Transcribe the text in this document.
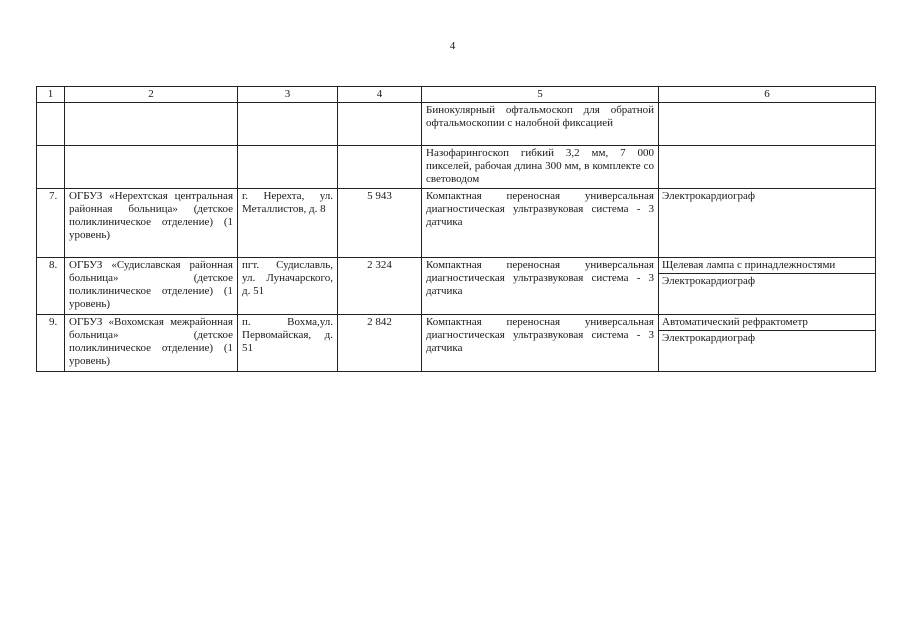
4
1	2	3	4	5	6
				Бинокулярный офтальмоскоп для обратной офтальмоскопии с налобной фиксацией	
				Назофарингоскоп гибкий 3,2 мм, 7 000 пикселей, рабочая длина 300 мм, в комплекте со световодом	
7.	ОГБУЗ «Нерехтская центральная районная больница» (детское поликлиническое отделение) (1 уровень)	г. Нерехта, ул. Металлистов, д. 8	5 943	Компактная переносная универсальная диагностическая ультразвуковая система - 3 датчика	Электрокардиограф

8.	ОГБУЗ «Судиславская районная больница» (детское поликлиническое отделение) (1 уровень)	пгт. Судиславль, ул. Луначарского, д. 51	2 324	Компактная переносная универсальная диагностическая ультразвуковая система - 3 датчика	Щелевая лампа с принадлежностями
Электрокардиограф

9.	ОГБУЗ «Вохомская межрайонная больница» (детское поликлиническое отделение) (1 уровень)	п. Вохма,ул. Первомайская, д. 51	2 842	Компактная переносная универсальная диагностическая ультразвуковая система - 3 датчика	Автоматический рефрактометр
Электрокардиограф
